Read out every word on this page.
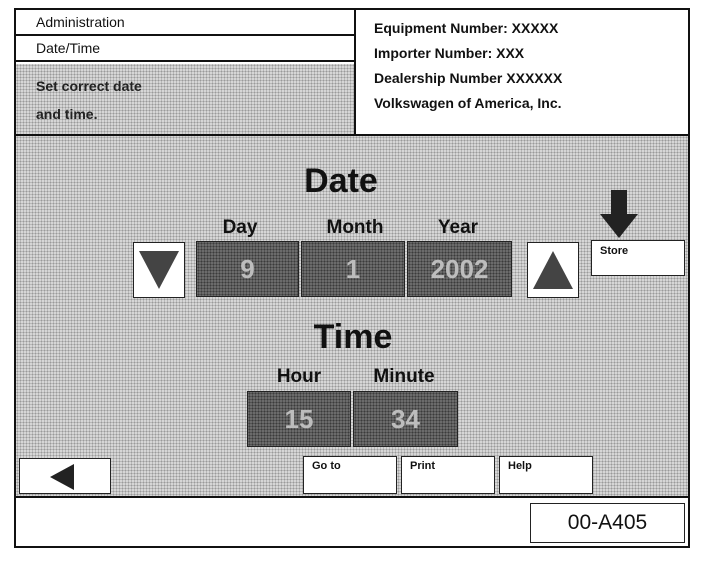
Administration
Date/Time
Set correct date
and time.
Equipment Number: XXXXX
Importer Number: XXX
Dealership Number XXXXXX
Volkswagen of America, Inc.
Date
Day	Month	Year
9	1	2002
Store
Time
Hour	Minute
15	34
Go to	Print	Help
00-A405
